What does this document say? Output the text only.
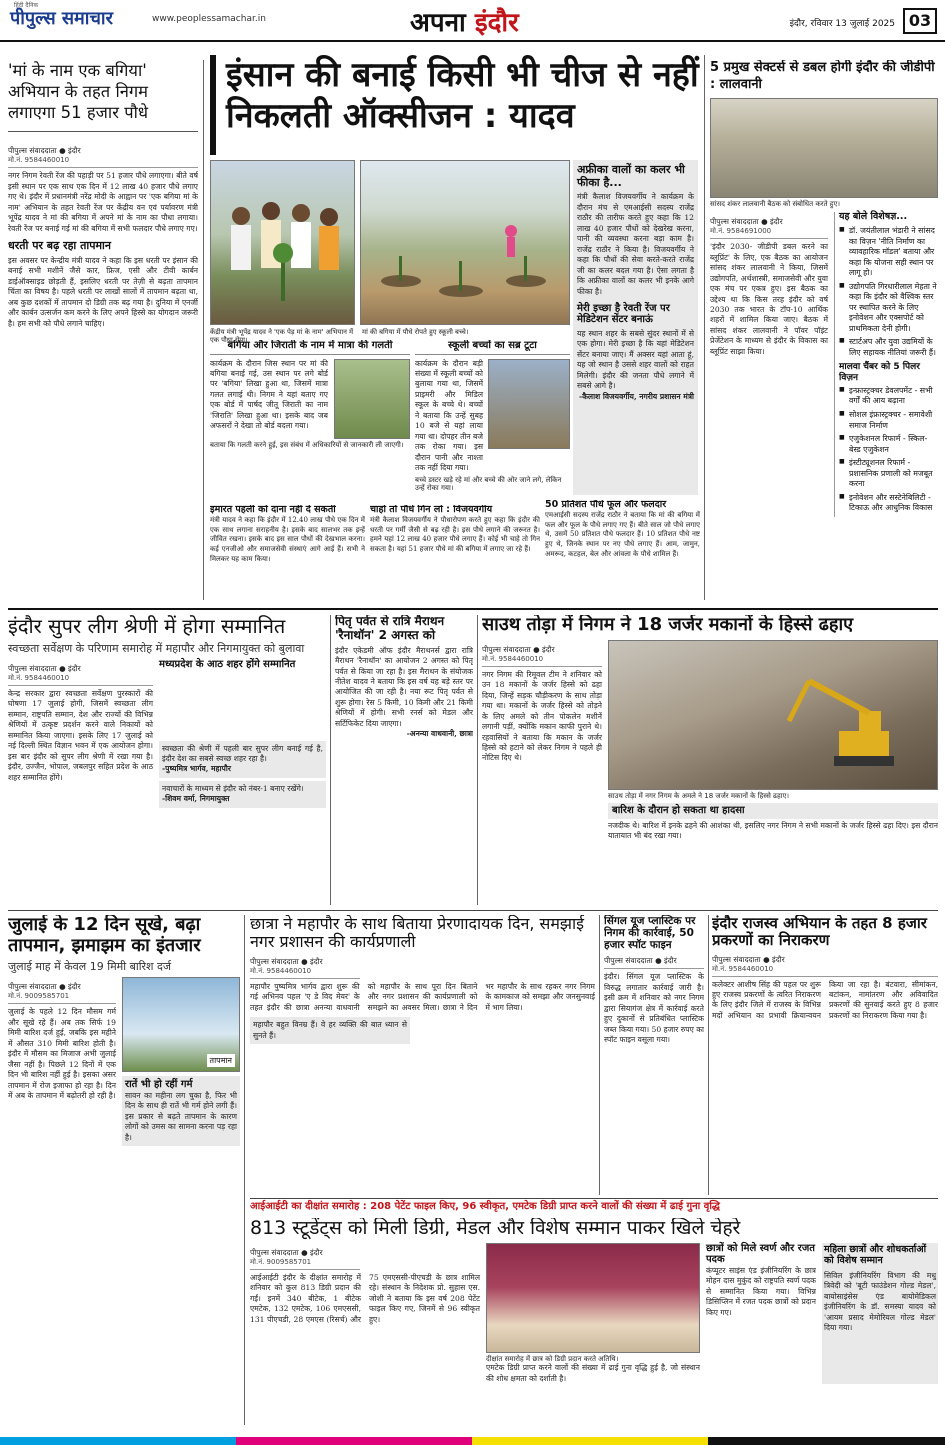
हिंदी दैनिक
पीपुल्स समाचार	www.peoplessamachar.in	अपना इंदौर	इंदौर, रविवार 13 जुलाई 2025 03
'मां के नाम एक बगिया' अभियान के तहत निगम लगाएगा 51 हजार पौधे
पीपुल्स संवाददाता ● इंदौर
मो.नं. 9584460010
नगर निगम रेवती रेंज की पहाड़ी पर 51 हजार पौधे लगाएगा। बीते वर्ष इसी स्थान पर एक साथ एक दिन में 12 लाख 40 हजार पौधे लगाए गए थे। इंदौर में प्रधानमंत्री नरेंद्र मोदी के आह्वान पर 'एक बगिया मां के नाम' अभियान के तहत रेवती रेंज पर केंद्रीय वन एवं पर्यावरण मंत्री भूपेंद्र यादव ने मां की बगिया में अपने मां के नाम का पौधा लगाया। रेवती रेंज पर बनाई गई मां की बगिया में सभी फलदार पौधे लगाए गए।
धरती पर बढ़ रहा तापमान
इस अवसर पर केन्द्रीय मंत्री यादव ने कहा कि इस धरती पर इंसान की बनाई सभी मशीनें जैसे कार, फ्रिज, एसी और टीवी कार्बन डाईऑक्साइड छोड़ती हैं, इसलिए धरती पर तेज़ी से बढ़ता तापमान चिंता का विषय है। पहले धरती पर लाखों सालों में तापमान बढ़ता था, अब कुछ दशकों में तापमान दो डिग्री तक बढ़ गया है। दुनिया में एनर्जी और कार्बन उत्सर्जन कम करने के लिए अपने हिस्से का योगदान जरूरी है। हम सभी को पौधे लगाने चाहिए।
इंसान की बनाई किसी भी चीज से नहीं निकलती ऑक्सीजन : यादव
केंद्रीय मंत्री भूपेंद्र यादव ने 'एक पेड़ मां के नाम' अभियान में एक पौधा रोपा।
मां की बगिया में पौधे रोपते हुए स्कूली बच्चे।
अफ्रीका वालों का कलर भी फीका है...
मंत्री कैलाश विजयवर्गीय ने कार्यक्रम के दौरान मंच से एमआईसी सदस्य राजेंद्र राठौर की तारीफ करते हुए कहा कि 12 लाख 40 हजार पौधों को देखरेख करना, पानी की व्यवस्था करना बड़ा काम है। राजेंद्र राठौर ने किया है। विजयवर्गीय ने कहा कि पौधों की सेवा करते-करते राजेंद्र जी का कलर बदल गया है। ऐसा लगता है कि अफ्रीका वालों का कलर भी इनके आगे फीका है।
मेरी इच्छा है रेवती रेंज पर मेडिटेशन सेंटर बनाऊं
यह स्थान शहर के सबसे सुंदर स्थानों में से एक होगा। मेरी इच्छा है कि यहां मेडिटेशन सेंटर बनाया जाए। मैं अक्सर यहां आता हूं, यह जो स्थान है उससे शहर वालों को राहत मिलेगी। इंदौर की जनता पौधे लगाने में सबसे आगे है।
-कैलाश विजयवर्गीय, नगरीय प्रशासन मंत्री
बगिया और जिराती के नाम में मात्रा की गलती
कार्यक्रम के दौरान जिस स्थान पर मां की बगिया बनाई गई, उस स्थान पर लगे बोर्ड पर 'बगिया' लिखा हुआ था, जिसमें मात्रा गलत लगाई थी। निगम ने यहां बताए गए एक बोर्ड में पार्षद जीतू जिराती का नाम 'जिराति' लिखा हुआ था। इसके बाद जब अफसरों ने देखा तो बोर्ड बदला गया।
बताया कि गलती करने हुई, इस संबंध में अधिकारियों से जानकारी ली जाएगी।
स्कूली बच्चों का सब्र टूटा
कार्यक्रम के दौरान बड़ी संख्या में स्कूली बच्चों को बुलाया गया था, जिसमें प्राइमरी और मिडिल स्कूल के बच्चे थे। बच्चों ने बताया कि उन्हें सुबह 10 बजे से यहां लाया गया था। दोपहर तीन बजे तक रोका गया। इस दौरान पानी और नाश्ता तक नहीं दिया गया।
बच्चे डस्टर खड़े रहे मां और बच्चे की ओर जाने लगे, लेकिन उन्हें रोका गया।
इमारत पहली को दाना नहीं दे सकती
मंत्री यादव ने कहा कि इंदौर में 12.40 लाख पौधे एक दिन में एक साथ लगाना सराहनीय है। इसके बाद सालभर तक इन्हें जीवित रखना। इसके बाद इस साल पौधों की देखभाल करना। कई एनजीओ और समाजसेवी संस्थाएं आगे आई हैं। सभी ने मिलकर यह काम किया।
चाहो तो पौधे गिन लो : विजयवर्गीय
मंत्री कैलाश विजयवर्गीय ने पौधारोपण करते हुए कहा कि इंदौर की धरती पर गर्मी जैसी से बढ़ रही है। इस पौधे लगाने की जरूरत है। हमने यहां 12 लाख 40 हजार पौधे लगाए हैं। कोई भी चाहे तो गिन सकता है। यहां 51 हजार पौधे मां की बगिया में लगाए जा रहे हैं।
50 प्रतिशत पौधे फूल और फलदार
एमआईसी सदस्य राजेंद्र राठौर ने बताया कि मां की बगिया में फल और फूल के पौधे लगाए गए हैं। बीते साल जो पौधे लगाए थे, उसमें 50 प्रतिशत पौधे फलदार हैं। 10 प्रतिशत पौधे नष्ट हुए थे, जिनके स्थान पर नए पौधे लगाए हैं। आम, जामुन, अमरूद, कटहल, बेल और आंवला के पौधे शामिल हैं।
5 प्रमुख सेक्टर्स से डबल होगी इंदौर की जीडीपी : लालवानी
सांसद शंकर लालवानी बैठक को संबोधित करते हुए।
पीपुल्स संवाददाता ● इंदौर
मो.नं. 9584691000
'इंदौर 2030- जीडीपी डबल करने का ब्लूप्रिंट' के लिए, एक बैठक का आयोजन सांसद शंकर लालवानी ने किया, जिसमें उद्योगपति, अर्थशास्त्री, समाजसेवी और युवा एक मंच पर एकत्र हुए। इस बैठक का उद्देश्य था कि किस तरह इंदौर को वर्ष 2030 तक भारत के टॉप-10 आर्थिक शहरों में शामिल किया जाए। बैठक में सांसद शंकर लालवानी ने पॉवर पॉइंट प्रेजेंटेशन के माध्यम से इंदौर के विकास का ब्लूप्रिंट साझा किया।
यह बोले विशेषज्ञ...
■ डॉ. जयंतीलाल भंडारी ने सांसद का विज़न 'नीति निर्माण का व्यावहारिक मॉडल' बताया और कहा कि योजना सही स्थान पर लागू हो।
■ उद्योगपति गिरधारीलाल मेहता ने कहा कि इंदौर को वैश्विक स्तर पर स्थापित करने के लिए इनोवेशन और एक्सपोर्ट को प्राथमिकता देनी होगी।
■ स्टार्टअप और युवा उद्यमियों के लिए सहायक नीतियां जरूरी हैं।
मालवा चैंबर को 5 पिलर विज़न
■ इन्फ्रास्ट्रक्चर डेवलपमेंट - सभी वर्गों की आय बढ़ाना
■ सोशल इंफ्रास्ट्रक्चर - समावेशी समाज निर्माण
■ एजुकेशनल रिफार्म - स्किल-बेस्ड एजुकेशन
■ इंस्टीट्यूशनल रिफार्म - प्रशासनिक प्रणाली को मजबूत करना
■ इनोवेशन और सस्टेनेबिलिटी - टिकाऊ और आधुनिक विकास
इंदौर सुपर लीग श्रेणी में होगा सम्मानित
स्वच्छता सर्वेक्षण के परिणाम समारोह में महापौर और निगमायुक्त को बुलावा
पीपुल्स संवाददाता ● इंदौर
मो.नं. 9584460010
केन्द्र सरकार द्वारा स्वच्छता सर्वेक्षण पुरस्कारों की घोषणा 17 जुलाई होगी, जिसमें स्वच्छता लीग सम्मान, राष्ट्रपति सम्मान, देश और राज्यों की विभिन्न श्रेणियों में उत्कृष्ट प्रदर्शन करने वाले निकायों को सम्मानित किया जाएगा। इसके लिए 17 जुलाई को नई दिल्ली स्थित विज्ञान भवन में एक आयोजन होगा। इस बार इंदौर को सुपर लीग श्रेणी में रखा गया है। इंदौर, उज्जैन, भोपाल, जबलपुर सहित प्रदेश के आठ शहर सम्मानित होंगे।
मध्यप्रदेश के आठ शहर होंगे सम्मानित
स्वच्छता की श्रेणी में पहली बार सुपर लीग बनाई गई है, इंदौर देश का सबसे स्वच्छ शहर रहा है।
-पुष्यमित्र भार्गव, महापौर
नवाचारों के माध्यम से इंदौर को नंबर-1 बनाए रखेंगे।
-शिवम वर्मा, निगमायुक्त
पितृ पर्वत से रात्रि मैराथन 'रैनाथॉन' 2 अगस्त को
इंदौर एकेडमी ऑफ इंदौर मैराथनर्स द्वारा रात्रि मैराथन 'रैनाथॉन' का आयोजन 2 अगस्त को पितृ पर्वत से किया जा रहा है। इस मैराथन के संयोजक नीतेश यादव ने बताया कि इस वर्ष यह बड़े स्तर पर आयोजित की जा रही है। नया रूट पितृ पर्वत से शुरू होगा। रेस 5 किमी, 10 किमी और 21 किमी श्रेणियों में होगी। सभी रनर्स को मेडल और सर्टिफिकेट दिया जाएगा।
-अनन्या वाधवानी, छात्रा
साउथ तोड़ा में निगम ने 18 जर्जर मकानों के हिस्से ढहाए
पीपुल्स संवाददाता ● इंदौर
मो.नं. 9584460010
नगर निगम की रिमूवल टीम ने शनिवार को उन 18 मकानों के जर्जर हिस्से को ढहा दिया, जिन्हें सड़क चौड़ीकरण के साथ तोड़ा गया था। मकानों के जर्जर हिस्से को तोड़ने के लिए अमले को तीन पोकलेन मशीनें लगानी पड़ीं, क्योंकि मकान काफी पुराने थे। रहवासियों ने बताया कि मकान के जर्जर हिस्से को हटाने को लेकर निगम ने पहले ही नोटिस दिए थे।
साउथ तोड़ा में नगर निगम के अमले ने 18 जर्जर मकानों के हिस्से ढहाए।
बारिश के दौरान हो सकता था हादसा
नजदीक थे। बारिश में इनके ढहने की आशंका थी, इसलिए नगर निगम ने सभी मकानों के जर्जर हिस्से ढहा दिए। इस दौरान यातायात भी बंद रखा गया।
जुलाई के 12 दिन सूखे, बढ़ा तापमान, झमाझम का इंतजार
जुलाई माह में केवल 19 मिमी बारिश दर्ज
पीपुल्स संवाददाता ● इंदौर
मो.नं. 9009585701
जुलाई के पहले 12 दिन मौसम गर्म और सूखे रहे हैं। अब तक सिर्फ 19 मिमी बारिश दर्ज हुई, जबकि इस महीने में औसत 310 मिमी बारिश होती है। इंदौर में मौसम का मिजाज अभी जुलाई जैसा नहीं है। पिछले 12 दिनों में एक दिन भी बारिश नहीं हुई है। इसका असर तापमान में रोज इजाफा हो रहा है। दिन में अब के तापमान में बढ़ोतरी हो रही है।
तापमान
रातें भी हो रहीं गर्म
सावन का महीना लग चुका है, फिर भी दिन के साथ ही रातें भी गर्म होने लगी हैं। इस प्रकार से बढ़ते तापमान के कारण लोगों को उमस का सामना करना पड़ रहा है।
छात्रा ने महापौर के साथ बिताया प्रेरणादायक दिन, समझाई नगर प्रशासन की कार्यप्रणाली
पीपुल्स संवाददाता ● इंदौर
मो.नं. 9584460010
महापौर पुष्यमित्र भार्गव द्वारा शुरू की गई अभिनव पहल 'ए डे विद मेयर' के तहत इंदौर की छात्रा अनन्या वाधवानी को महापौर के साथ पूरा दिन बिताने और नगर प्रशासन की कार्यप्रणाली को समझने का अवसर मिला। छात्रा ने दिन भर महापौर के साथ रहकर नगर निगम के कामकाज को समझा और जनसुनवाई में भाग लिया।
महापौर बहुत विनम्र हैं। वे हर व्यक्ति की बात ध्यान से सुनते हैं।
सिंगल यूज प्लास्टिक पर निगम की कार्रवाई, 50 हजार स्पॉट फाइन
पीपुल्स संवाददाता ● इंदौर
इंदौर। सिंगल यूज प्लास्टिक के विरुद्ध लगातार कार्रवाई जारी है। इसी क्रम में शनिवार को नगर निगम द्वारा सियागंज क्षेत्र में कार्रवाई करते हुए दुकानों से प्रतिबंधित प्लास्टिक जब्त किया गया। 50 हजार रुपए का स्पॉट फाइन वसूला गया।
इंदौर राजस्व अभियान के तहत 8 हजार प्रकरणों का निराकरण
पीपुल्स संवाददाता ● इंदौर
मो.नं. 9584460010
कलेक्टर आशीष सिंह की पहल पर शुरू हुए राजस्व प्रकरणों के त्वरित निराकरण के लिए इंदौर जिले में राजस्व के विभिन्न मदों अभियान का प्रभावी क्रियान्वयन किया जा रहा है। बंटवारा, सीमांकन, बटांकन, नामांतरण और अविवादित प्रकरणों की सुनवाई करते हुए 8 हजार प्रकरणों का निराकरण किया गया है।
आईआईटी का दीक्षांत समारोह : 208 पेटेंट फाइल किए, 96 स्वीकृत, एमटेक डिग्री प्राप्त करने वालों की संख्या में ढाई गुना वृद्धि
813 स्टूडेंट्स को मिली डिग्री, मेडल और विशेष सम्मान पाकर खिले चेहरे
पीपुल्स संवाददाता ● इंदौर
मो.नं. 9009585701
आईआईटी इंदौर के दीक्षांत समारोह में शनिवार को कुल 813 डिग्री प्रदान की गईं। इनमें 340 बीटेक, 1 बीटेक एमटेक, 132 एमटेक, 106 एमएससी, 131 पीएचडी, 28 एमएस (रिसर्च) और 75 एमएससी-पीएचडी के छात्र शामिल रहे। संस्थान के निदेशक प्रो. सुहास एस. जोशी ने बताया कि इस वर्ष 208 पेटेंट फाइल किए गए, जिनमें से 96 स्वीकृत हुए।
दीक्षांत समारोह में छात्र को डिग्री प्रदान करते अतिथि।
एमटेक डिग्री प्राप्त करने वालों की संख्या में ढाई गुना वृद्धि हुई है, जो संस्थान की शोध क्षमता को दर्शाती है।
छात्रों को मिले स्वर्ण और रजत पदक
कंप्यूटर साइंस एंड इंजीनियरिंग के छात्र मोहन दास मुकुंद को राष्ट्रपति स्वर्ण पदक से सम्मानित किया गया। विभिन्न डिसिप्लिन में रजत पदक छात्रों को प्रदान किए गए।
महिला छात्रों और शोधकर्ताओं को विशेष सम्मान
सिविल इंजीनियरिंग विभाग की मधु त्रिवेदी को 'बूटी फाउंडेशन गोल्ड मेडल', बायोसाइंसेस एंड बायोमेडिकल इंजीनियरिंग के डॉ. समस्या यादव को 'आयम प्रसाद मेमोरियल गोल्ड मेडल' दिया गया।
